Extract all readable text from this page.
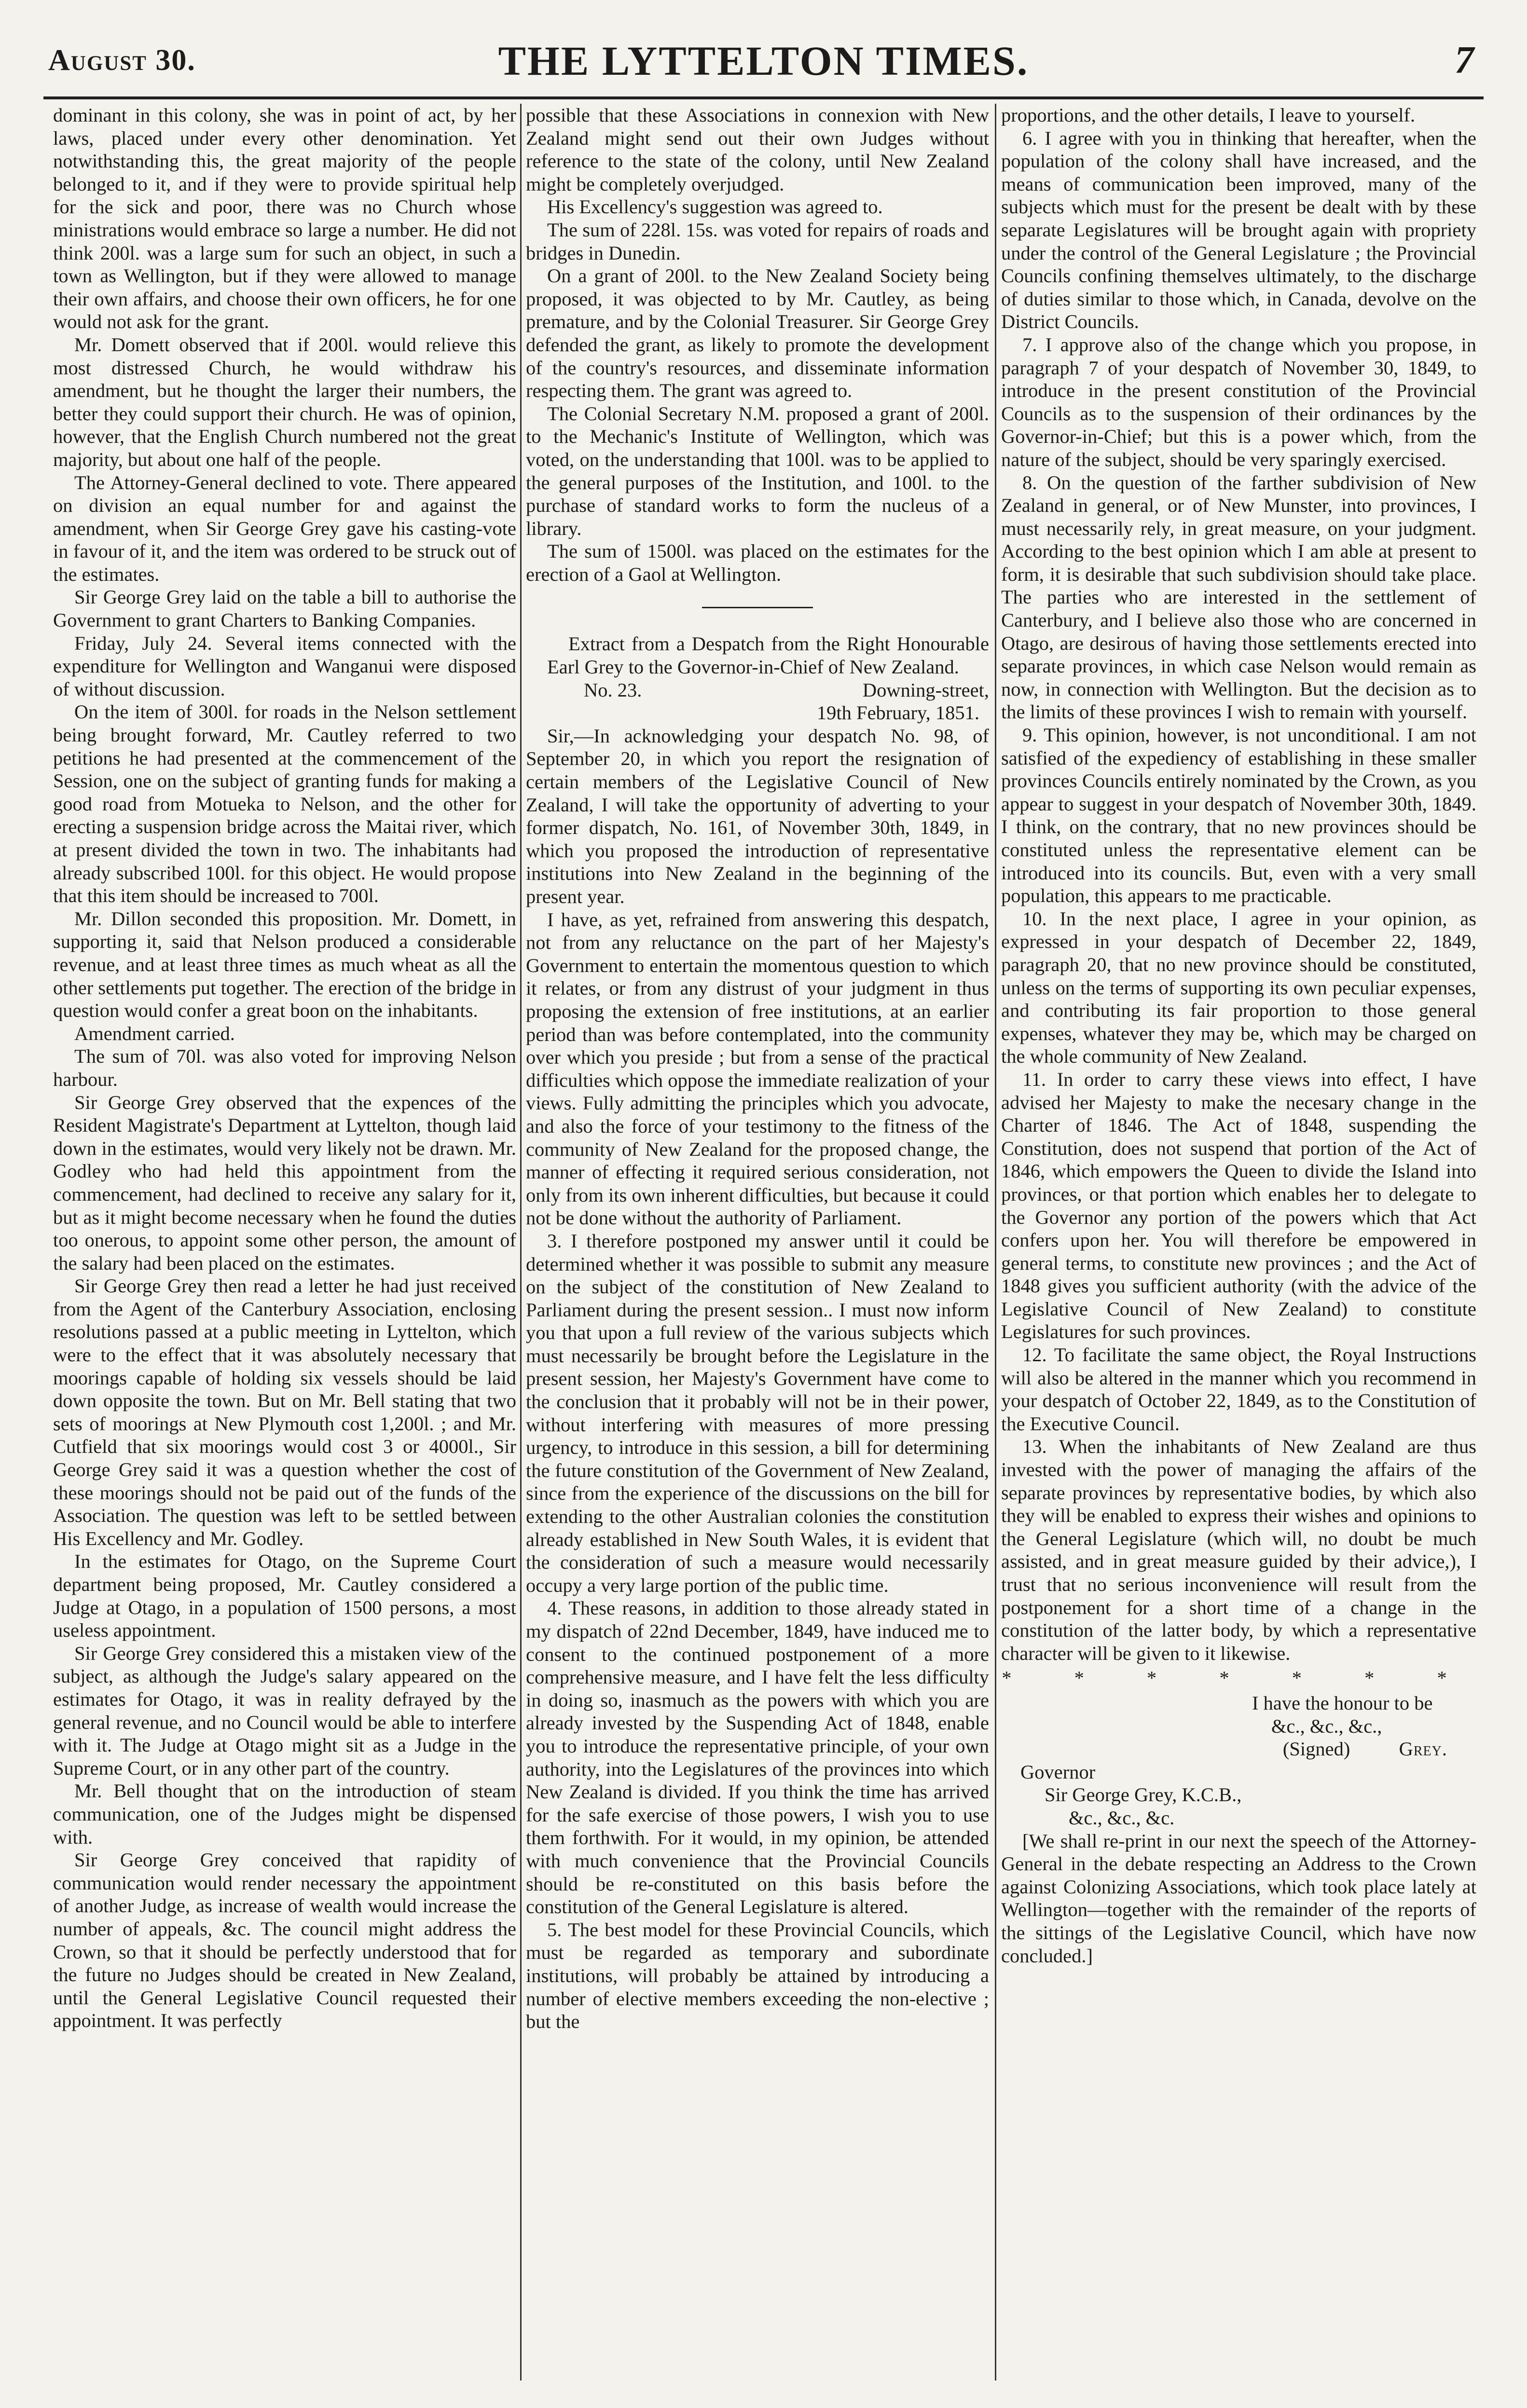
August 30.	THE LYTTELTON TIMES.	7

dominant in this colony, she was in point of act, by her laws, placed under every other denomination. Yet notwithstanding this, the great majority of the people belonged to it, and if they were to provide spiritual help for the sick and poor, there was no Church whose ministrations would embrace so large a number. He did not think 200l. was a large sum for such an object, in such a town as Wellington, but if they were allowed to manage their own affairs, and choose their own officers, he for one would not ask for the grant.

Mr. Domett observed that if 200l. would relieve this most distressed Church, he would withdraw his amendment, but he thought the larger their numbers, the better they could support their church. He was of opinion, however, that the English Church numbered not the great majority, but about one half of the people.

The Attorney-General declined to vote. There appeared on division an equal number for and against the amendment, when Sir George Grey gave his casting-vote in favour of it, and the item was ordered to be struck out of the estimates.

Sir George Grey laid on the table a bill to authorise the Government to grant Charters to Banking Companies.

Friday, July 24. Several items connected with the expenditure for Wellington and Wanganui were disposed of without discussion.

On the item of 300l. for roads in the Nelson settlement being brought forward, Mr. Cautley referred to two petitions he had presented at the commencement of the Session, one on the subject of granting funds for making a good road from Motueka to Nelson, and the other for erecting a suspension bridge across the Maitai river, which at present divided the town in two. The inhabitants had already subscribed 100l. for this object. He would propose that this item should be increased to 700l.

Mr. Dillon seconded this proposition. Mr. Domett, in supporting it, said that Nelson produced a considerable revenue, and at least three times as much wheat as all the other settlements put together. The erection of the bridge in question would confer a great boon on the inhabitants.

Amendment carried.

The sum of 70l. was also voted for improving Nelson harbour.

Sir George Grey observed that the expences of the Resident Magistrate's Department at Lyttelton, though laid down in the estimates, would very likely not be drawn. Mr. Godley who had held this appointment from the commencement, had declined to receive any salary for it, but as it might become necessary when he found the duties too onerous, to appoint some other person, the amount of the salary had been placed on the estimates.

Sir George Grey then read a letter he had just received from the Agent of the Canterbury Association, enclosing resolutions passed at a public meeting in Lyttelton, which were to the effect that it was absolutely necessary that moorings capable of holding six vessels should be laid down opposite the town. But on Mr. Bell stating that two sets of moorings at New Plymouth cost 1,200l. ; and Mr. Cutfield that six moorings would cost 3 or 4000l., Sir George Grey said it was a question whether the cost of these moorings should not be paid out of the funds of the Association. The question was left to be settled between His Excellency and Mr. Godley.

In the estimates for Otago, on the Supreme Court department being proposed, Mr. Cautley considered a Judge at Otago, in a population of 1500 persons, a most useless appointment.

Sir George Grey considered this a mistaken view of the subject, as although the Judge's salary appeared on the estimates for Otago, it was in reality defrayed by the general revenue, and no Council would be able to interfere with it. The Judge at Otago might sit as a Judge in the Supreme Court, or in any other part of the country.

Mr. Bell thought that on the introduction of steam communication, one of the Judges might be dispensed with.

Sir George Grey conceived that rapidity of communication would render necessary the appointment of another Judge, as increase of wealth would increase the number of appeals, &c. The council might address the Crown, so that it should be perfectly understood that for the future no Judges should be created in New Zealand, until the General Legislative Council requested their appointment. It was perfectly

possible that these Associations in connexion with New Zealand might send out their own Judges without reference to the state of the colony, until New Zealand might be completely overjudged.

His Excellency's suggestion was agreed to.

The sum of 228l. 15s. was voted for repairs of roads and bridges in Dunedin.

On a grant of 200l. to the New Zealand Society being proposed, it was objected to by Mr. Cautley, as being premature, and by the Colonial Treasurer. Sir George Grey defended the grant, as likely to promote the development of the country's resources, and disseminate information respecting them. The grant was agreed to.

The Colonial Secretary N.M. proposed a grant of 200l. to the Mechanic's Institute of Wellington, which was voted, on the understanding that 100l. was to be applied to the general purposes of the Institution, and 100l. to the purchase of standard works to form the nucleus of a library.

The sum of 1500l. was placed on the estimates for the erection of a Gaol at Wellington.

Extract from a Despatch from the Right Honourable Earl Grey to the Governor-in-Chief of New Zealand.

No. 23.	Downing-street,
19th February, 1851.

Sir,—In acknowledging your despatch No. 98, of September 20, in which you report the resignation of certain members of the Legislative Council of New Zealand, I will take the opportunity of adverting to your former dispatch, No. 161, of November 30th, 1849, in which you proposed the introduction of representative institutions into New Zealand in the beginning of the present year.

I have, as yet, refrained from answering this despatch, not from any reluctance on the part of her Majesty's Government to entertain the momentous question to which it relates, or from any distrust of your judgment in thus proposing the extension of free institutions, at an earlier period than was before contemplated, into the community over which you preside ; but from a sense of the practical difficulties which oppose the immediate realization of your views. Fully admitting the principles which you advocate, and also the force of your testimony to the fitness of the community of New Zealand for the proposed change, the manner of effecting it required serious consideration, not only from its own inherent difficulties, but because it could not be done without the authority of Parliament.

3. I therefore postponed my answer until it could be determined whether it was possible to submit any measure on the subject of the constitution of New Zealand to Parliament during the present session.. I must now inform you that upon a full review of the various subjects which must necessarily be brought before the Legislature in the present session, her Majesty's Government have come to the conclusion that it probably will not be in their power, without interfering with measures of more pressing urgency, to introduce in this session, a bill for determining the future constitution of the Government of New Zealand, since from the experience of the discussions on the bill for extending to the other Australian colonies the constitution already established in New South Wales, it is evident that the consideration of such a measure would necessarily occupy a very large portion of the public time.

4. These reasons, in addition to those already stated in my dispatch of 22nd December, 1849, have induced me to consent to the continued postponement of a more comprehensive measure, and I have felt the less difficulty in doing so, inasmuch as the powers with which you are already invested by the Suspending Act of 1848, enable you to introduce the representative principle, of your own authority, into the Legislatures of the provinces into which New Zealand is divided. If you think the time has arrived for the safe exercise of those powers, I wish you to use them forthwith. For it would, in my opinion, be attended with much convenience that the Provincial Councils should be re-constituted on this basis before the constitution of the General Legislature is altered.

5. The best model for these Provincial Councils, which must be regarded as temporary and subordinate institutions, will probably be attained by introducing a number of elective members exceeding the non-elective ; but the

proportions, and the other details, I leave to yourself.

6. I agree with you in thinking that hereafter, when the population of the colony shall have increased, and the means of communication been improved, many of the subjects which must for the present be dealt with by these separate Legislatures will be brought again with propriety under the control of the General Legislature ; the Provincial Councils confining themselves ultimately, to the discharge of duties similar to those which, in Canada, devolve on the District Councils.

7. I approve also of the change which you propose, in paragraph 7 of your despatch of November 30, 1849, to introduce in the present constitution of the Provincial Councils as to the suspension of their ordinances by the Governor-in-Chief; but this is a power which, from the nature of the subject, should be very sparingly exercised.

8. On the question of the farther subdivision of New Zealand in general, or of New Munster, into provinces, I must necessarily rely, in great measure, on your judgment. According to the best opinion which I am able at present to form, it is desirable that such subdivision should take place. The parties who are interested in the settlement of Canterbury, and I believe also those who are concerned in Otago, are desirous of having those settlements erected into separate provinces, in which case Nelson would remain as now, in connection with Wellington. But the decision as to the limits of these provinces I wish to remain with yourself.

9. This opinion, however, is not unconditional. I am not satisfied of the expediency of establishing in these smaller provinces Councils entirely nominated by the Crown, as you appear to suggest in your despatch of November 30th, 1849. I think, on the contrary, that no new provinces should be constituted unless the representative element can be introduced into its councils. But, even with a very small population, this appears to me practicable.

10. In the next place, I agree in your opinion, as expressed in your despatch of December 22, 1849, paragraph 20, that no new province should be constituted, unless on the terms of supporting its own peculiar expenses, and contributing its fair proportion to those general expenses, whatever they may be, which may be charged on the whole community of New Zealand.

11. In order to carry these views into effect, I have advised her Majesty to make the necesary change in the Charter of 1846. The Act of 1848, suspending the Constitution, does not suspend that portion of the Act of 1846, which empowers the Queen to divide the Island into provinces, or that portion which enables her to delegate to the Governor any portion of the powers which that Act confers upon her. You will therefore be empowered in general terms, to constitute new provinces ; and the Act of 1848 gives you sufficient authority (with the advice of the Legislative Council of New Zealand) to constitute Legislatures for such provinces.

12. To facilitate the same object, the Royal Instructions will also be altered in the manner which you recommend in your despatch of October 22, 1849, as to the Constitution of the Executive Council.

13. When the inhabitants of New Zealand are thus invested with the power of managing the affairs of the separate provinces by representative bodies, by which also they will be enabled to express their wishes and opinions to the General Legislature (which will, no doubt be much assisted, and in great measure guided by their advice,), I trust that no serious inconvenience will result from the postponement for a short time of a change in the constitution of the latter body, by which a representative character will be given to it likewise.

* * * * * * *
I have the honour to be
&c., &c., &c.,
(Signed)	Grey.
Governor
Sir George Grey, K.C.B.,
&c., &c., &c.

[We shall re-print in our next the speech of the Attorney-General in the debate respecting an Address to the Crown against Colonizing Associations, which took place lately at Wellington—together with the remainder of the reports of the sittings of the Legislative Council, which have now concluded.]
